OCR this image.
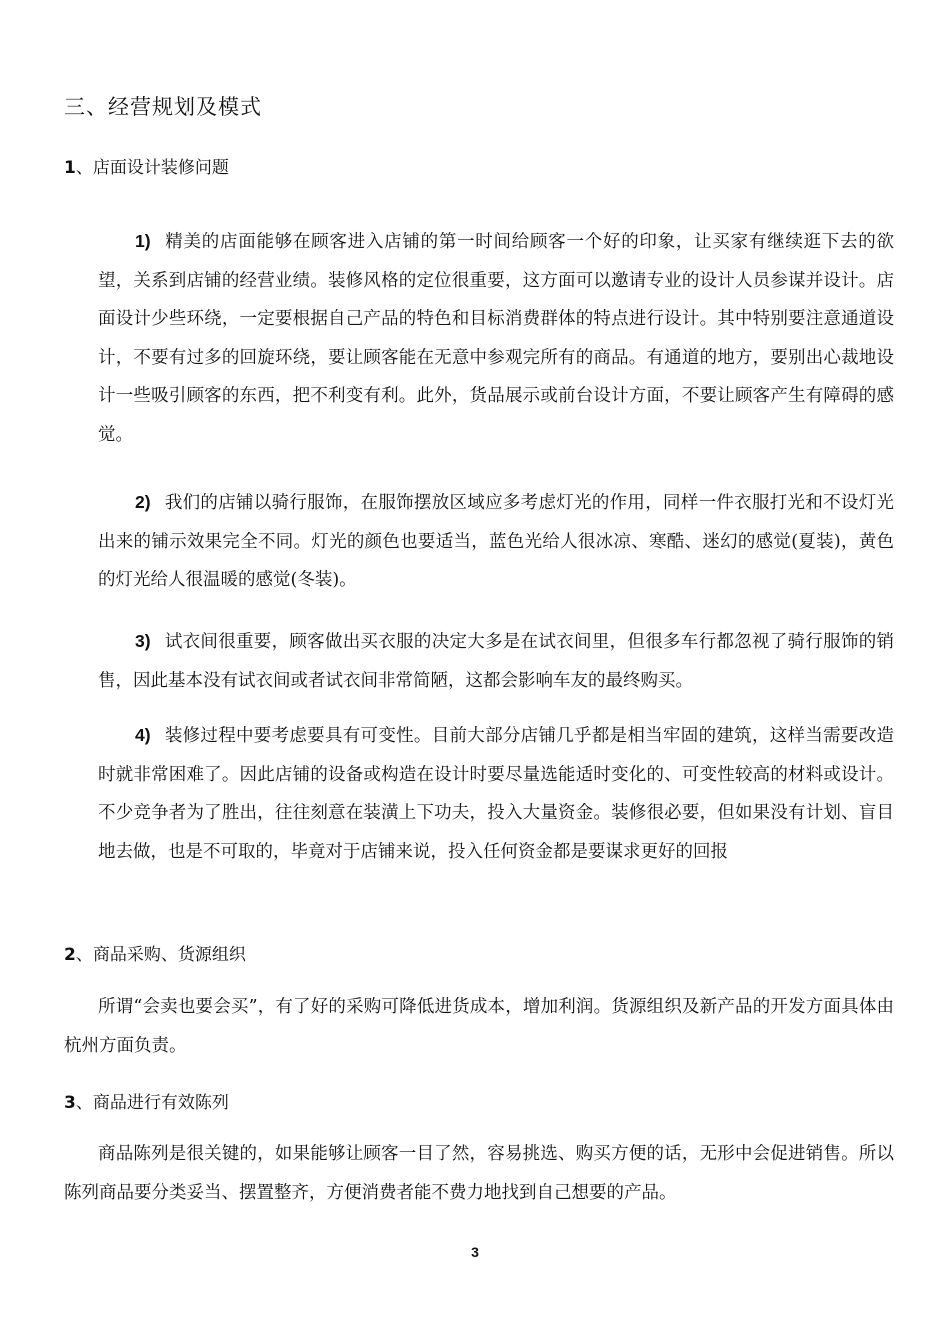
三、经营规划及模式
1、店面设计装修问题
1) 精美的店面能够在顾客进入店铺的第一时间给顾客一个好的印象，让买家有继续逛下去的欲望，关系到店铺的经营业绩。装修风格的定位很重要，这方面可以邀请专业的设计人员参谋并设计。店面设计少些环绕，一定要根据自己产品的特色和目标消费群体的特点进行设计。其中特别要注意通道设计，不要有过多的回旋环绕，要让顾客能在无意中参观完所有的商品。有通道的地方，要别出心裁地设计一些吸引顾客的东西，把不利变有利。此外，货品展示或前台设计方面，不要让顾客产生有障碍的感觉。
2) 我们的店铺以骑行服饰，在服饰摆放区域应多考虑灯光的作用，同样一件衣服打光和不设灯光出来的铺示效果完全不同。灯光的颜色也要适当，蓝色光给人很冰凉、寒酷、迷幻的感觉(夏装)，黄色的灯光给人很温暖的感觉(冬装)。
3) 试衣间很重要，顾客做出买衣服的决定大多是在试衣间里，但很多车行都忽视了骑行服饰的销售，因此基本没有试衣间或者试衣间非常简陋，这都会影响车友的最终购买。
4) 装修过程中要考虑要具有可变性。目前大部分店铺几乎都是相当牢固的建筑，这样当需要改造时就非常困难了。因此店铺的设备或构造在设计时要尽量选能适时变化的、可变性较高的材料或设计。不少竞争者为了胜出，往往刻意在装潢上下功夫，投入大量资金。装修很必要，但如果没有计划、盲目地去做，也是不可取的，毕竟对于店铺来说，投入任何资金都是要谋求更好的回报
2、商品采购、货源组织
所谓“会卖也要会买”，有了好的采购可降低进货成本，增加利润。货源组织及新产品的开发方面具体由杭州方面负责。
3、商品进行有效陈列
商品陈列是很关键的，如果能够让顾客一目了然，容易挑选、购买方便的话，无形中会促进销售。所以陈列商品要分类妥当、摆置整齐，方便消费者能不费力地找到自己想要的产品。
3
